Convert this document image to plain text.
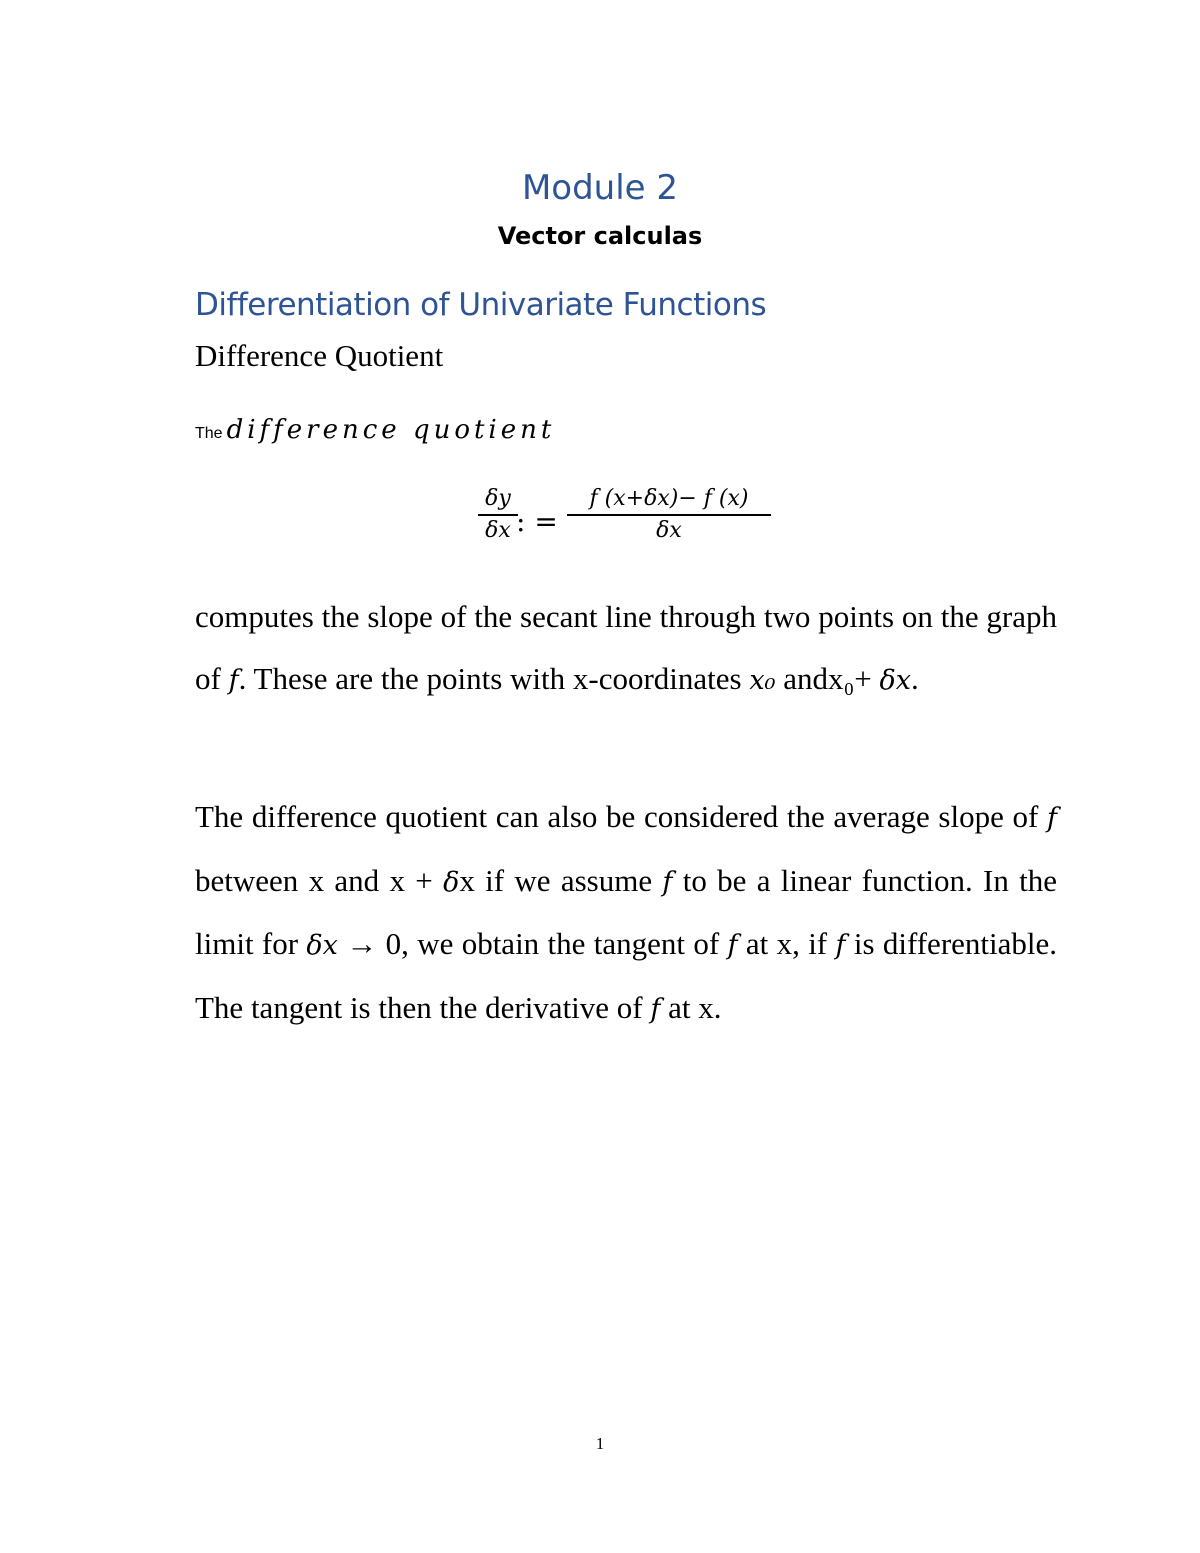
Module 2
Vector calculas
Differentiation of Univariate Functions
Difference Quotient
The difference quotient
δy
δx : =
f (x+δx)− f (x)
δx

computes the slope of the secant line through two points on the graph of f. These are the points with x-coordinates x₀ andx₀+ δx.

The difference quotient can also be considered the average slope of f between x and x + δx if we assume f to be a linear function. In the limit for δx → 0, we obtain the tangent of f at x, if f is differentiable. The tangent is then the derivative of f at x.

1
